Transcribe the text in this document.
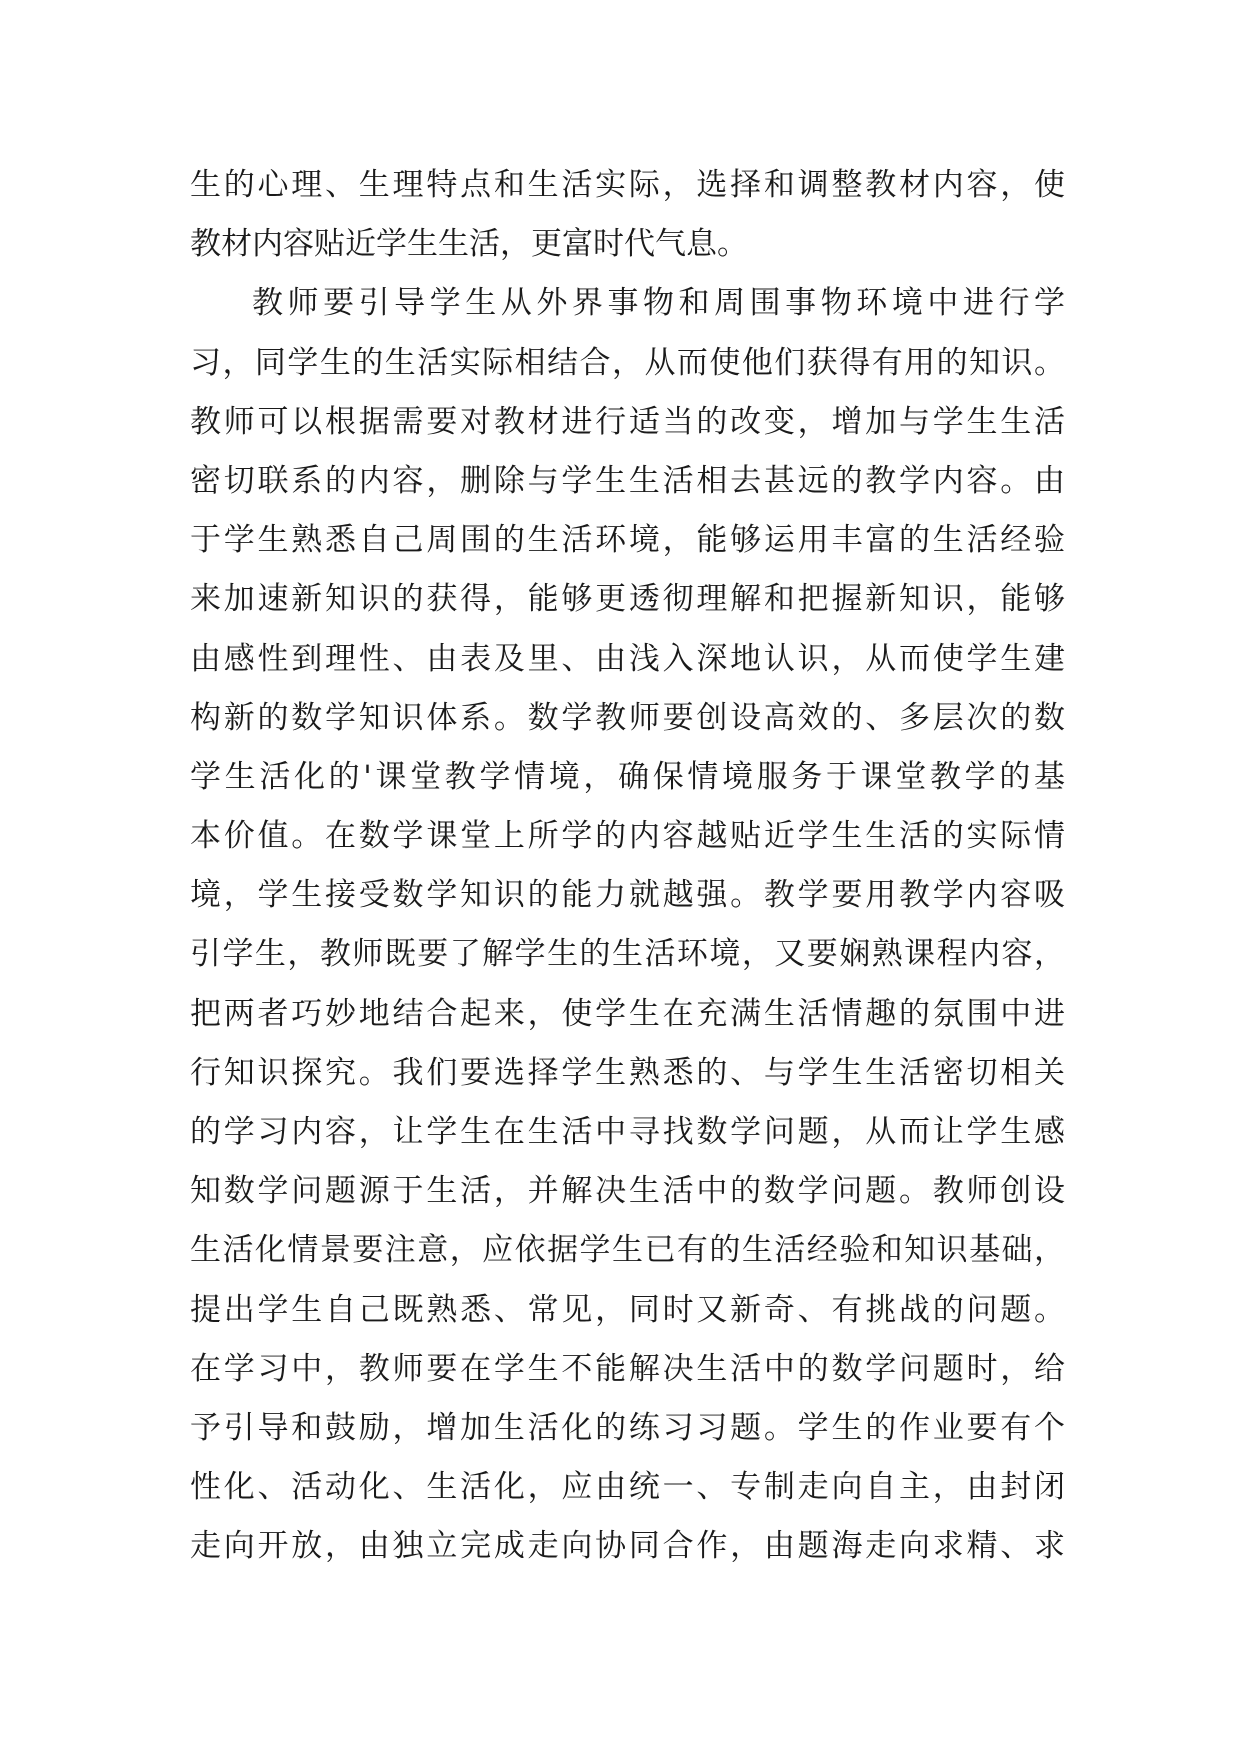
生的心理、生理特点和生活实际，选择和调整教材内容，使
教材内容贴近学生生活，更富时代气息。
教师要引导学生从外界事物和周围事物环境中进行学
习，同学生的生活实际相结合，从而使他们获得有用的知识。
教师可以根据需要对教材进行适当的改变，增加与学生生活
密切联系的内容，删除与学生生活相去甚远的教学内容。由
于学生熟悉自己周围的生活环境，能够运用丰富的生活经验
来加速新知识的获得，能够更透彻理解和把握新知识，能够
由感性到理性、由表及里、由浅入深地认识，从而使学生建
构新的数学知识体系。数学教师要创设高效的、多层次的数
学生活化的'课堂教学情境，确保情境服务于课堂教学的基
本价值。在数学课堂上所学的内容越贴近学生生活的实际情
境，学生接受数学知识的能力就越强。教学要用教学内容吸
引学生，教师既要了解学生的生活环境，又要娴熟课程内容，
把两者巧妙地结合起来，使学生在充满生活情趣的氛围中进
行知识探究。我们要选择学生熟悉的、与学生生活密切相关
的学习内容，让学生在生活中寻找数学问题，从而让学生感
知数学问题源于生活，并解决生活中的数学问题。教师创设
生活化情景要注意，应依据学生已有的生活经验和知识基础，
提出学生自己既熟悉、常见，同时又新奇、有挑战的问题。
在学习中，教师要在学生不能解决生活中的数学问题时，给
予引导和鼓励，增加生活化的练习习题。学生的作业要有个
性化、活动化、生活化，应由统一、专制走向自主，由封闭
走向开放，由独立完成走向协同合作，由题海走向求精、求
